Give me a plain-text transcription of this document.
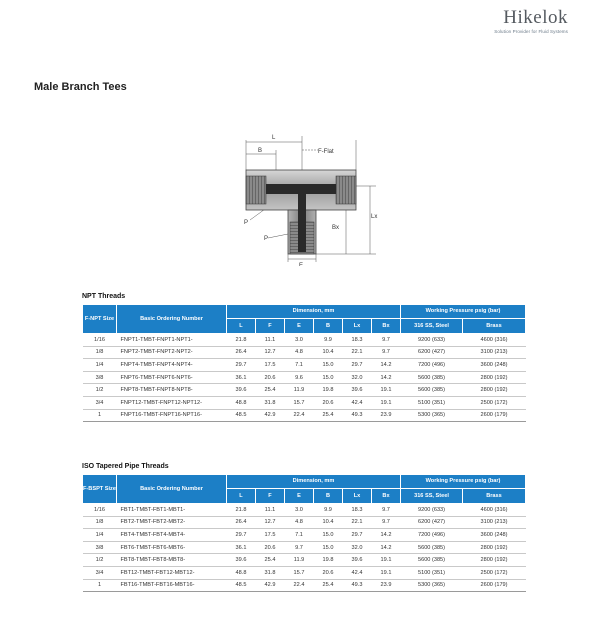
Hikelok
Solution Provider for Fluid Systems
Male Branch Tees
L
B	F-Flat
Lx
Bx
P
P
E
NPT Threads
F-NPT Size	Basic Ordering Number	Dimension, mm						Working Pressure psig (bar)	
		L	F	E	B	Lx	Bx	316 SS, Steel	Brass
1/16	FNPT1-TMBT-FNPT1-NPT1-	21.8	11.1	3.0	9.9	18.3	9.7	9200 (633)	4600 (316)
1/8	FNPT2-TMBT-FNPT2-NPT2-	26.4	12.7	4.8	10.4	22.1	9.7	6200 (427)	3100 (213)
1/4	FNPT4-TMBT-FNPT4-NPT4-	29.7	17.5	7.1	15.0	29.7	14.2	7200 (496)	3600 (248)
3/8	FNPT6-TMBT-FNPT6-NPT6-	36.1	20.6	9.6	15.0	32.0	14.2	5600 (385)	2800 (192)
1/2	FNPT8-TMBT-FNPT8-NPT8-	39.6	25.4	11.9	19.8	39.6	19.1	5600 (385)	2800 (192)
3/4	FNPT12-TMBT-FNPT12-NPT12-	48.8	31.8	15.7	20.6	42.4	19.1	5100 (351)	2500 (172)
1	FNPT16-TMBT-FNPT16-NPT16-	48.5	42.9	22.4	25.4	49.3	23.9	5300 (365)	2600 (179)
ISO Tapered Pipe Threads
F-BSPT Size	Basic Ordering Number	Dimension, mm						Working Pressure psig (bar)	
		L	F	E	B	Lx	Bx	316 SS, Steel	Brass
1/16	FBT1-TMBT-FBT1-MBT1-	21.8	11.1	3.0	9.9	18.3	9.7	9200 (633)	4600 (316)
1/8	FBT2-TMBT-FBT2-MBT2-	26.4	12.7	4.8	10.4	22.1	9.7	6200 (427)	3100 (213)
1/4	FBT4-TMBT-FBT4-MBT4-	29.7	17.5	7.1	15.0	29.7	14.2	7200 (496)	3600 (248)
3/8	FBT6-TMBT-FBT6-MBT6-	36.1	20.6	9.7	15.0	32.0	14.2	5600 (385)	2800 (192)
1/2	FBT8-TMBT-FBT8-MBT8-	39.6	25.4	11.9	19.8	39.6	19.1	5600 (385)	2800 (192)
3/4	FBT12-TMBT-FBT12-MBT12-	48.8	31.8	15.7	20.6	42.4	19.1	5100 (351)	2500 (172)
1	FBT16-TMBT-FBT16-MBT16-	48.5	42.9	22.4	25.4	49.3	23.9	5300 (365)	2600 (179)
